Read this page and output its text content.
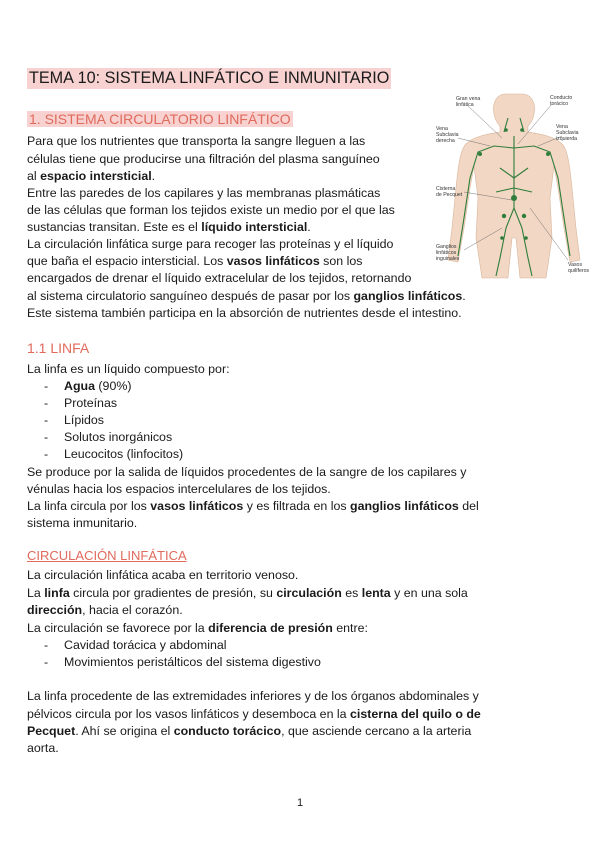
TEMA 10: SISTEMA LINFÁTICO E INMUNITARIO
1. SISTEMA CIRCULATORIO LINFÁTICO
Para que los nutrientes que transporta la sangre lleguen a las
células tiene que producirse una filtración del plasma sanguíneo
al espacio intersticial.
Entre las paredes de los capilares y las membranas plasmáticas
de las células que forman los tejidos existe un medio por el que las
sustancias transitan. Este es el líquido intersticial.
La circulación linfática surge para recoger las proteínas y el líquido
que baña el espacio intersticial. Los vasos linfáticos son los
encargados de drenar el líquido extracelular de los tejidos, retornando
al sistema circulatorio sanguíneo después de pasar por los ganglios linfáticos.
Este sistema también participa en la absorción de nutrientes desde el intestino.
Gran vena
linfática
Conducto
torácico
Vena
Subclavia
derecha
Vena
Subclavia
izquierda
Cisterna
de Pecquet
Ganglios
linfáticos
inguinales
Vasos
quilíferos
1.1 LINFA
La linfa es un líquido compuesto por:
- Agua (90%)
- Proteínas
- Lípidos
- Solutos inorgánicos
- Leucocitos (linfocitos)
Se produce por la salida de líquidos procedentes de la sangre de los capilares y
vénulas hacia los espacios intercelulares de los tejidos.
La linfa circula por los vasos linfáticos y es filtrada en los ganglios linfáticos del
sistema inmunitario.
CIRCULACIÓN LINFÁTICA
La circulación linfática acaba en territorio venoso.
La linfa circula por gradientes de presión, su circulación es lenta y en una sola
dirección, hacia el corazón.
La circulación se favorece por la diferencia de presión entre:
- Cavidad torácica y abdominal
- Movimientos peristálticos del sistema digestivo
La linfa procedente de las extremidades inferiores y de los órganos abdominales y
pélvicos circula por los vasos linfáticos y desemboca en la cisterna del quilo o de
Pecquet. Ahí se origina el conducto torácico, que asciende cercano a la arteria
aorta.
1
